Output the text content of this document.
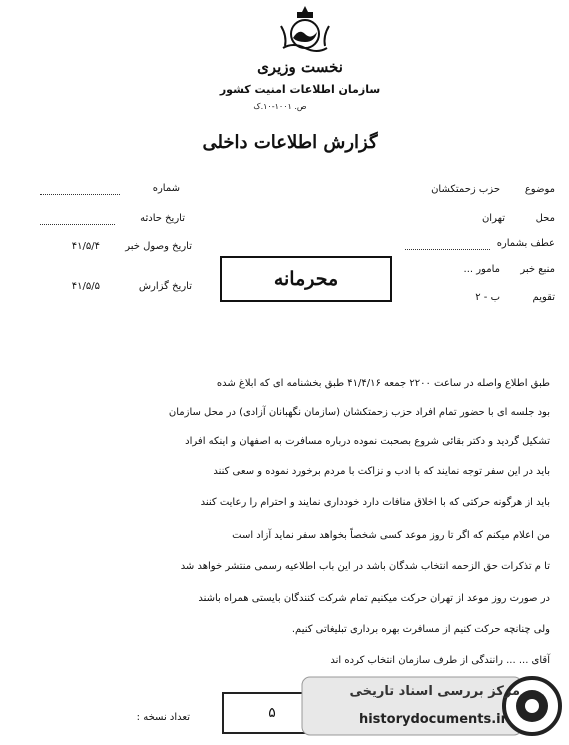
نخست وزیری
سازمان اطلاعات امنیت کشور
ص. ۱۰۰۱-۱۰.ک
گزارش اطلاعات داخلی
شماره
تاریخ حادثه
تاریخ وصول خبر
۴۱/۵/۴
تاریخ گزارش
۴۱/۵/۵
موضوع
حزب زحمتکشان
محل
تهران
عطف بشماره
منبع خبر
مامور ...
تقویم
ب - ۲
محرمانه
طبق اطلاع واصله در ساعت ۲۲۰۰ جمعه ۴۱/۴/۱۶ طبق بخشنامه ای که ابلاغ شده
بود جلسه ای با حضور تمام افراد حزب زحمتکشان (سازمان نگهبانان آزادی) در محل سازمان
تشکیل گردید و دکتر بقائی شروع بصحبت نموده درباره مسافرت به اصفهان و اینکه افراد
باید در این سفر توجه نمایند که با ادب و نزاکت با مردم برخورد نموده و سعی کنند
باید از هرگونه حرکتی که با اخلاق منافات دارد خودداری نمایند و احترام را رعایت کنند
من اعلام میکنم که اگر تا روز موعد کسی شخصاً بخواهد سفر نماید آزاد است
تا م تذکرات حق الزحمه انتخاب شدگان باشد در این باب اطلاعیه رسمی منتشر خواهد شد
در صورت روز موعد از تهران حرکت میکنیم تمام شرکت کنندگان بایستی همراه باشند
ولی چنانچه حرکت کنیم از مسافرت بهره برداری تبلیغاتی کنیم.
آقای ... ... رانندگی از طرف سازمان انتخاب کرده اند
تعداد نسخه :	۵
مرکز بررسی اسناد تاریخی
historydocuments.ir
